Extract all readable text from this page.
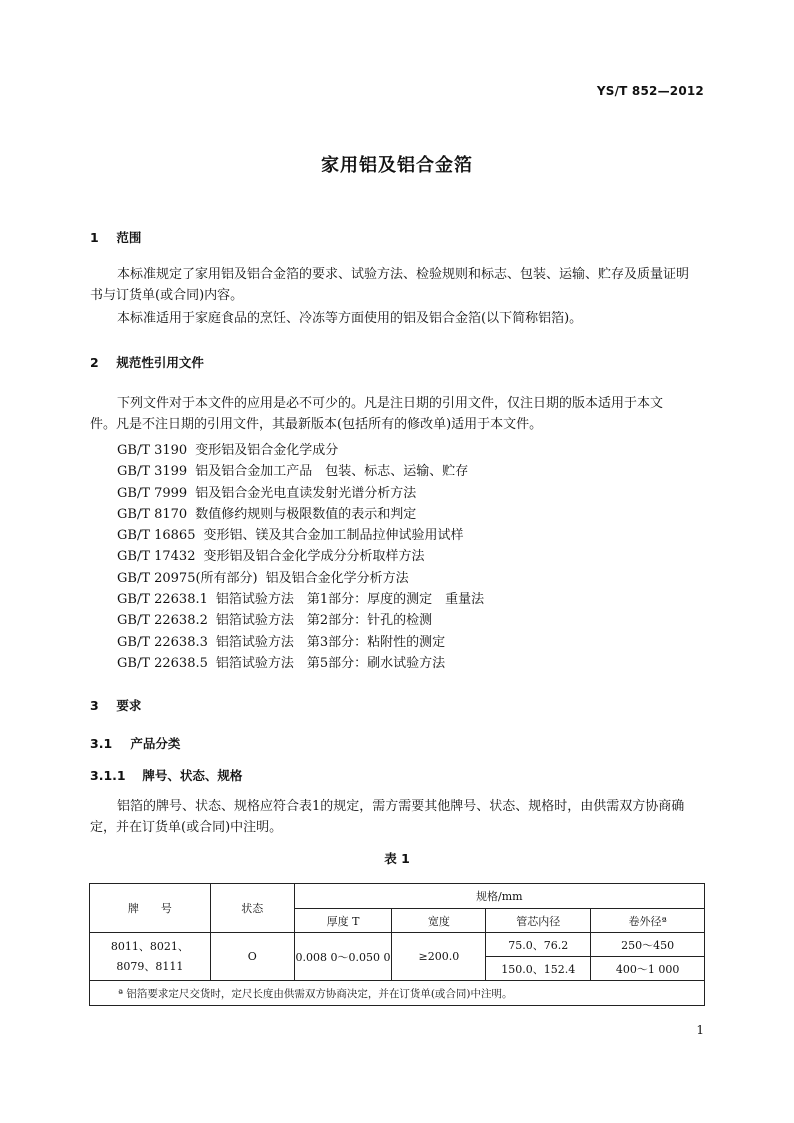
YS/T 852—2012
家用铝及铝合金箔
1 范围
本标准规定了家用铝及铝合金箔的要求、试验方法、检验规则和标志、包装、运输、贮存及质量证明
书与订货单(或合同)内容。
本标准适用于家庭食品的烹饪、冷冻等方面使用的铝及铝合金箔(以下简称铝箔)。
2 规范性引用文件
下列文件对于本文件的应用是必不可少的。凡是注日期的引用文件，仅注日期的版本适用于本文
件。凡是不注日期的引用文件，其最新版本(包括所有的修改单)适用于本文件。
GB/T 3190 变形铝及铝合金化学成分
GB/T 3199 铝及铝合金加工产品　包装、标志、运输、贮存
GB/T 7999 铝及铝合金光电直读发射光谱分析方法
GB/T 8170 数值修约规则与极限数值的表示和判定
GB/T 16865 变形铝、镁及其合金加工制品拉伸试验用试样
GB/T 17432 变形铝及铝合金化学成分分析取样方法
GB/T 20975(所有部分) 铝及铝合金化学分析方法
GB/T 22638.1 铝箔试验方法　第1部分：厚度的测定　重量法
GB/T 22638.2 铝箔试验方法　第2部分：针孔的检测
GB/T 22638.3 铝箔试验方法　第3部分：粘附性的测定
GB/T 22638.5 铝箔试验方法　第5部分：刷水试验方法
3 要求
3.1 产品分类
3.1.1 牌号、状态、规格
铝箔的牌号、状态、规格应符合表1的规定，需方需要其他牌号、状态、规格时，由供需双方协商确
定，并在订货单(或合同)中注明。
表 1
牌　　号	状态	规格/mm			
		厚度 T	宽度	管芯内径	卷外径ª

8011、8021、
8079、8111	O	0.008 0～0.050 0	≥200.0	75.0、76.2	250～450
				150.0、152.4	400～1 000
ª 铝箔要求定尺交货时，定尺长度由供需双方协商决定，并在订货单(或合同)中注明。					
1
